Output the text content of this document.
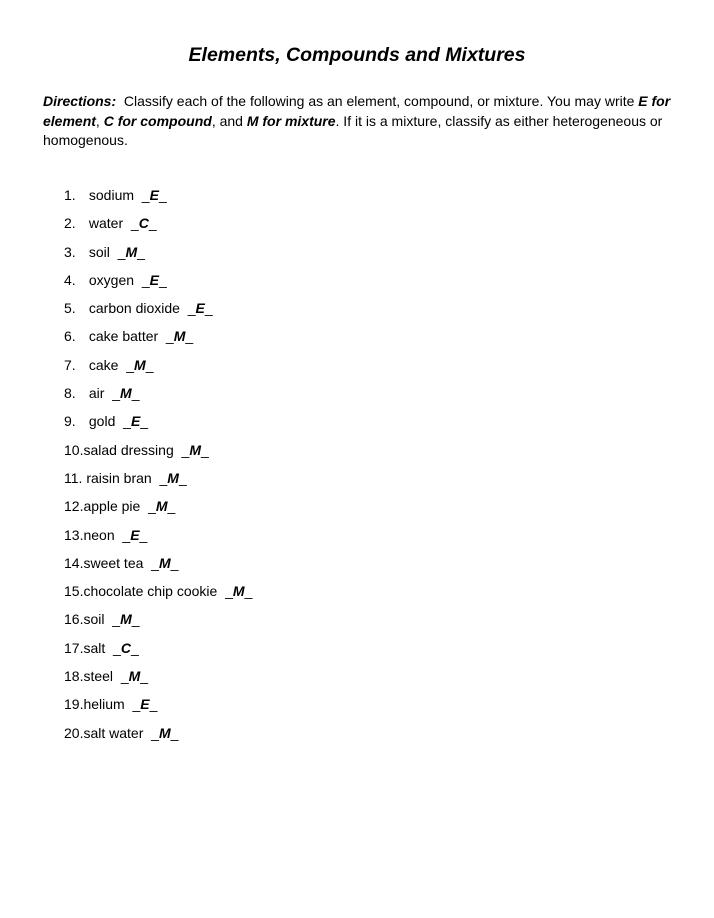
Elements, Compounds and Mixtures

Directions: Classify each of the following as an element, compound, or mixture. You may write E for element, C for compound, and M for mixture. If it is a mixture, classify as either heterogeneous or homogenous.

1. sodium  _E_
2. water  _C_
3. soil  _M_
4. oxygen  _E_
5. carbon dioxide  _E_
6. cake batter  _M_
7. cake  _M_
8. air  _M_
9. gold  _E_
10.salad dressing  _M_
11. raisin bran  _M_
12.apple pie  _M_
13.neon  _E_
14.sweet tea  _M_
15.chocolate chip cookie  _M_
16.soil  _M_
17.salt  _C_
18.steel  _M_
19.helium  _E_
20.salt water  _M_
